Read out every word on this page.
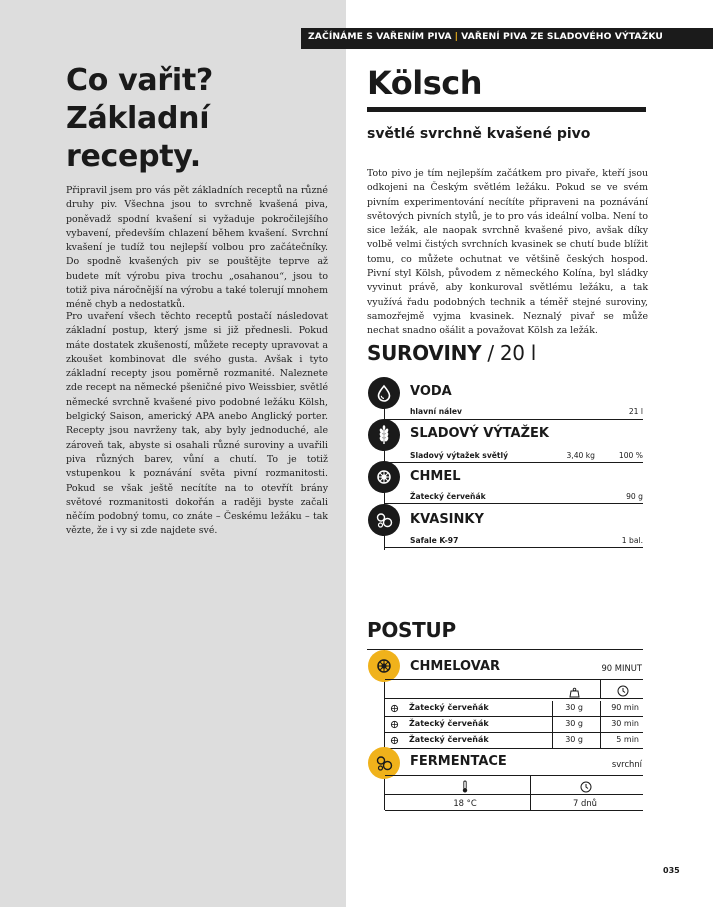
ZAČÍNÁME S VAŘENÍM PIVA | VAŘENÍ PIVA ZE SLADOVÉHO VÝTAŽKU
Co vařit?
Základní
recepty.
Připravil jsem pro vás pět základních receptů na různé druhy piv. Všechna jsou to svrchně kvašená piva, poněvadž spodní kvašení si vyžaduje pokročilejšího vybavení, především chlazení během kvašení. Svrchní kvašení je tudíž tou nejlepší volbou pro začátečníky. Do spodně kvašených piv se pouštějte teprve až budete mít výrobu piva trochu „osahanou“, jsou to totiž piva náročnější na výrobu a také tolerují mnohem méně chyb a nedostatků.
Pro uvaření všech těchto receptů postačí následovat základní postup, který jsme si již přednesli. Pokud máte dostatek zkušeností, můžete recepty upravovat a zkoušet kombinovat dle svého gusta. Avšak i tyto základní recepty jsou poměrně rozmanité. Naleznete zde recept na německé pšeničné pivo Weissbier, světlé německé svrchně kvašené pivo podobné ležáku Kölsh, belgický Saison, americký APA anebo Anglický porter. Recepty jsou navrženy tak, aby byly jednoduché, ale zároveň tak, abyste si osahali různé suroviny a uvařili piva různých barev, vůní a chutí. To je totiž vstupenkou k poznávání světa pivní rozmanitosti. Pokud se však ještě necítíte na to otevřít brány světové rozmanitosti dokořán a raději byste začali něčím podobný tomu, co znáte – Českému ležáku – tak vězte, že i vy si zde najdete své.
Kölsch
světlé svrchně kvašené pivo
Toto pivo je tím nejlepším začátkem pro pivaře, kteří jsou odkojeni na Českým světlém ležáku. Pokud se ve svém pivním experimentování necítíte připraveni na poznávání světových pivních stylů, je to pro vás ideální volba. Není to sice ležák, ale naopak svrchně kvašené pivo, avšak díky volbě velmi čistých svrchních kvasinek se chutí bude blížit tomu, co můžete ochutnat ve většině českých hospod. Pivní styl Kölsh, původem z německého Kolína, byl sládky vyvinut právě, aby konkuroval světlému ležáku, a tak využívá řadu podobných technik a téměř stejné suroviny, samozřejmě vyjma kvasinek. Neznalý pivař se může nechat snadno ošálit a považovat Kölsh za ležák.
SUROVINY / 20 l
VODA
hlavní nálev	21 l
SLADOVÝ VÝTAŽEK
Sladový výtažek světlý	3,40 kg	100 %
CHMEL
Žatecký červeňák	90 g
KVASINKY
Safale K-97	1 bal.
POSTUP
CHMELOVAR	90 MINUT
Žatecký červeňák	30 g	90 min
Žatecký červeňák	30 g	30 min
Žatecký červeňák	30 g	5 min
FERMENTACE	svrchní
18 °C	7 dnů
035
